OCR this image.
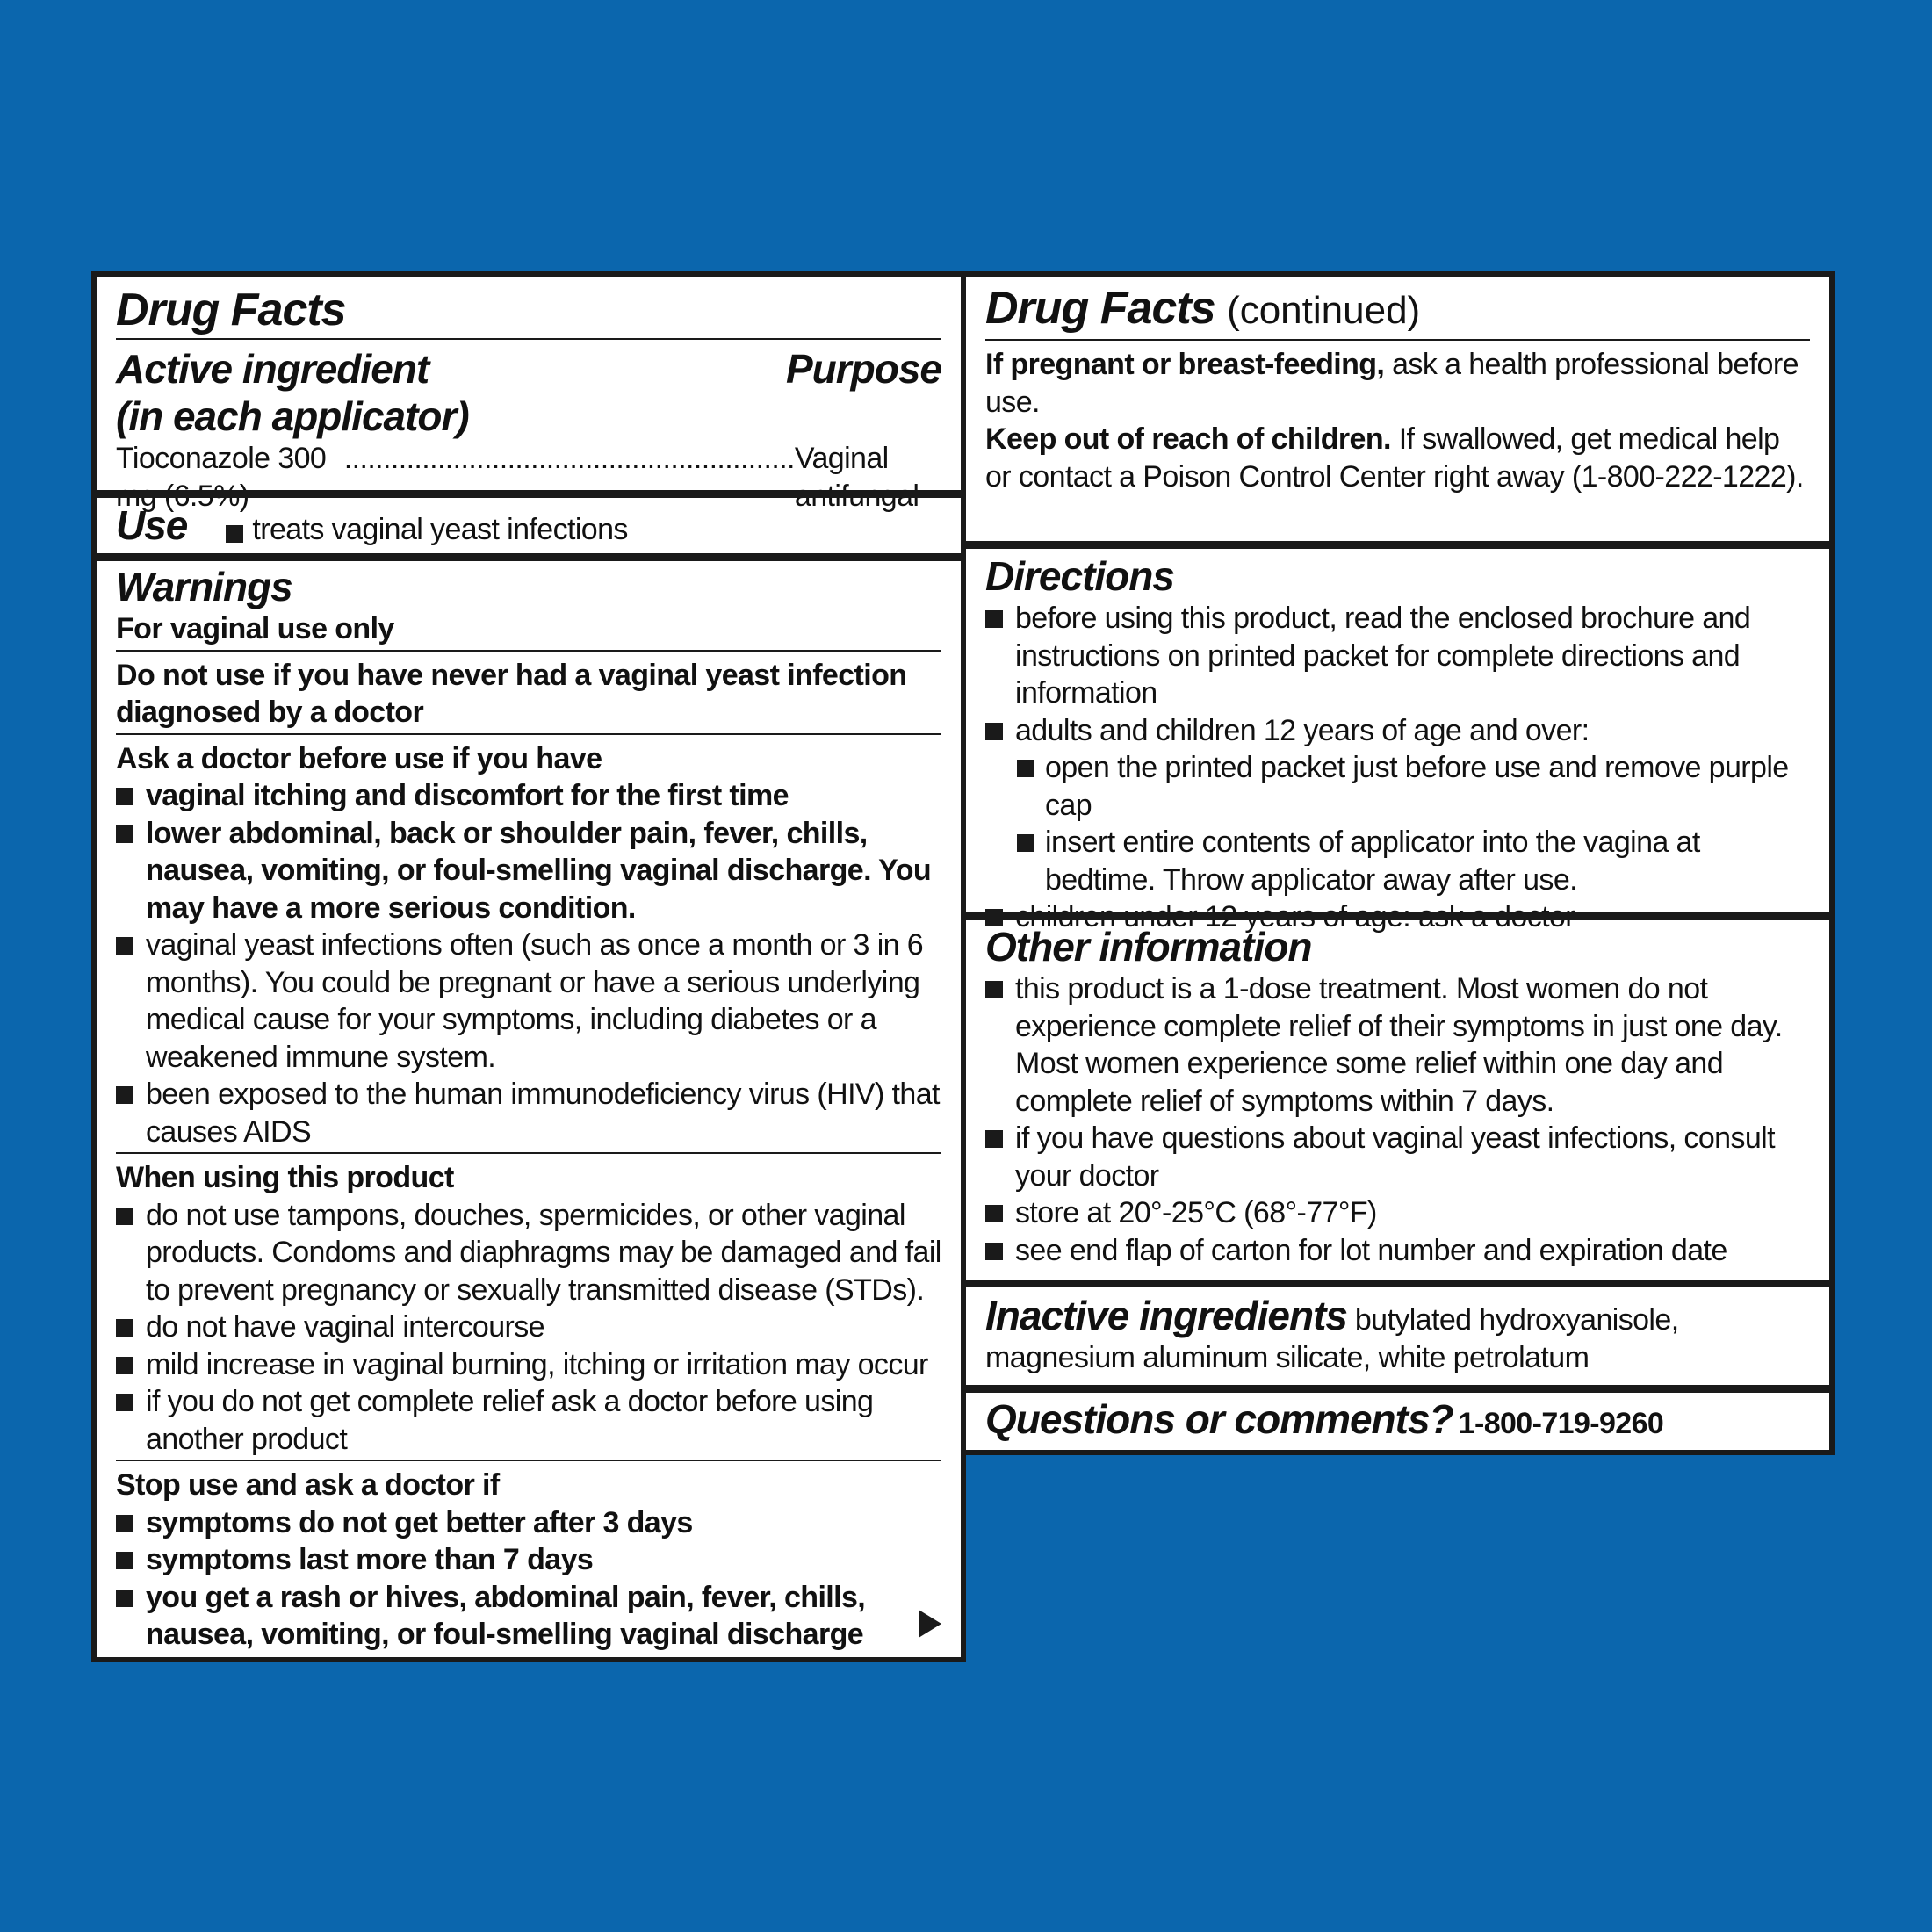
Drug Facts
Active ingredient
(in each applicator)
Purpose
Tioconazole 300 .......................................................... Vaginal
Use treats vaginal yeast infections
Warnings
For vaginal use only
Do not use if you have never had a vaginal yeast infection diagnosed by a doctor
Ask a doctor before use if you have
vaginal itching and discomfort for the first time
lower abdominal, back or shoulder pain, fever, chills, nausea, vomiting, or foul-smelling vaginal discharge. You may have a more serious condition.
vaginal yeast infections often (such as once a month or 3 in 6 months). You could be pregnant or have a serious underlying medical cause for your symptoms, including diabetes or a weakened immune system.
been exposed to the human immunodeficiency virus (HIV) that causes AIDS
When using this product
do not use tampons, douches, spermicides, or other vaginal products. Condoms and diaphragms may be damaged and fail to prevent pregnancy or sexually transmitted disease (STDs).
do not have vaginal intercourse
mild increase in vaginal burning, itching or irritation may occur
if you do not get complete relief ask a doctor before using another product
Stop use and ask a doctor if
symptoms do not get better after 3 days
symptoms last more than 7 days
you get a rash or hives, abdominal pain, fever, chills, nausea, vomiting, or foul-smelling vaginal discharge
Drug Facts (continued)
If pregnant or breast-feeding, ask a health professional before use.
Keep out of reach of children. If swallowed, get medical help or contact a Poison Control Center right away (1-800-222-1222).
Directions
before using this product, read the enclosed brochure and instructions on printed packet for complete directions and information
adults and children 12 years of age and over:
open the printed packet just before use and remove purple cap
insert entire contents of applicator into the vagina at bedtime. Throw applicator away after use.
Other information
this product is a 1-dose treatment. Most women do not experience complete relief of their symptoms in just one day. Most women experience some relief within one day and complete relief of symptoms within 7 days.
if you have questions about vaginal yeast infections, consult your doctor
store at 20°-25°C (68°-77°F)
see end flap of carton for lot number and expiration date
Inactive ingredients butylated hydroxyanisole, magnesium aluminum silicate, white petrolatum
Questions or comments? 1-800-719-9260
